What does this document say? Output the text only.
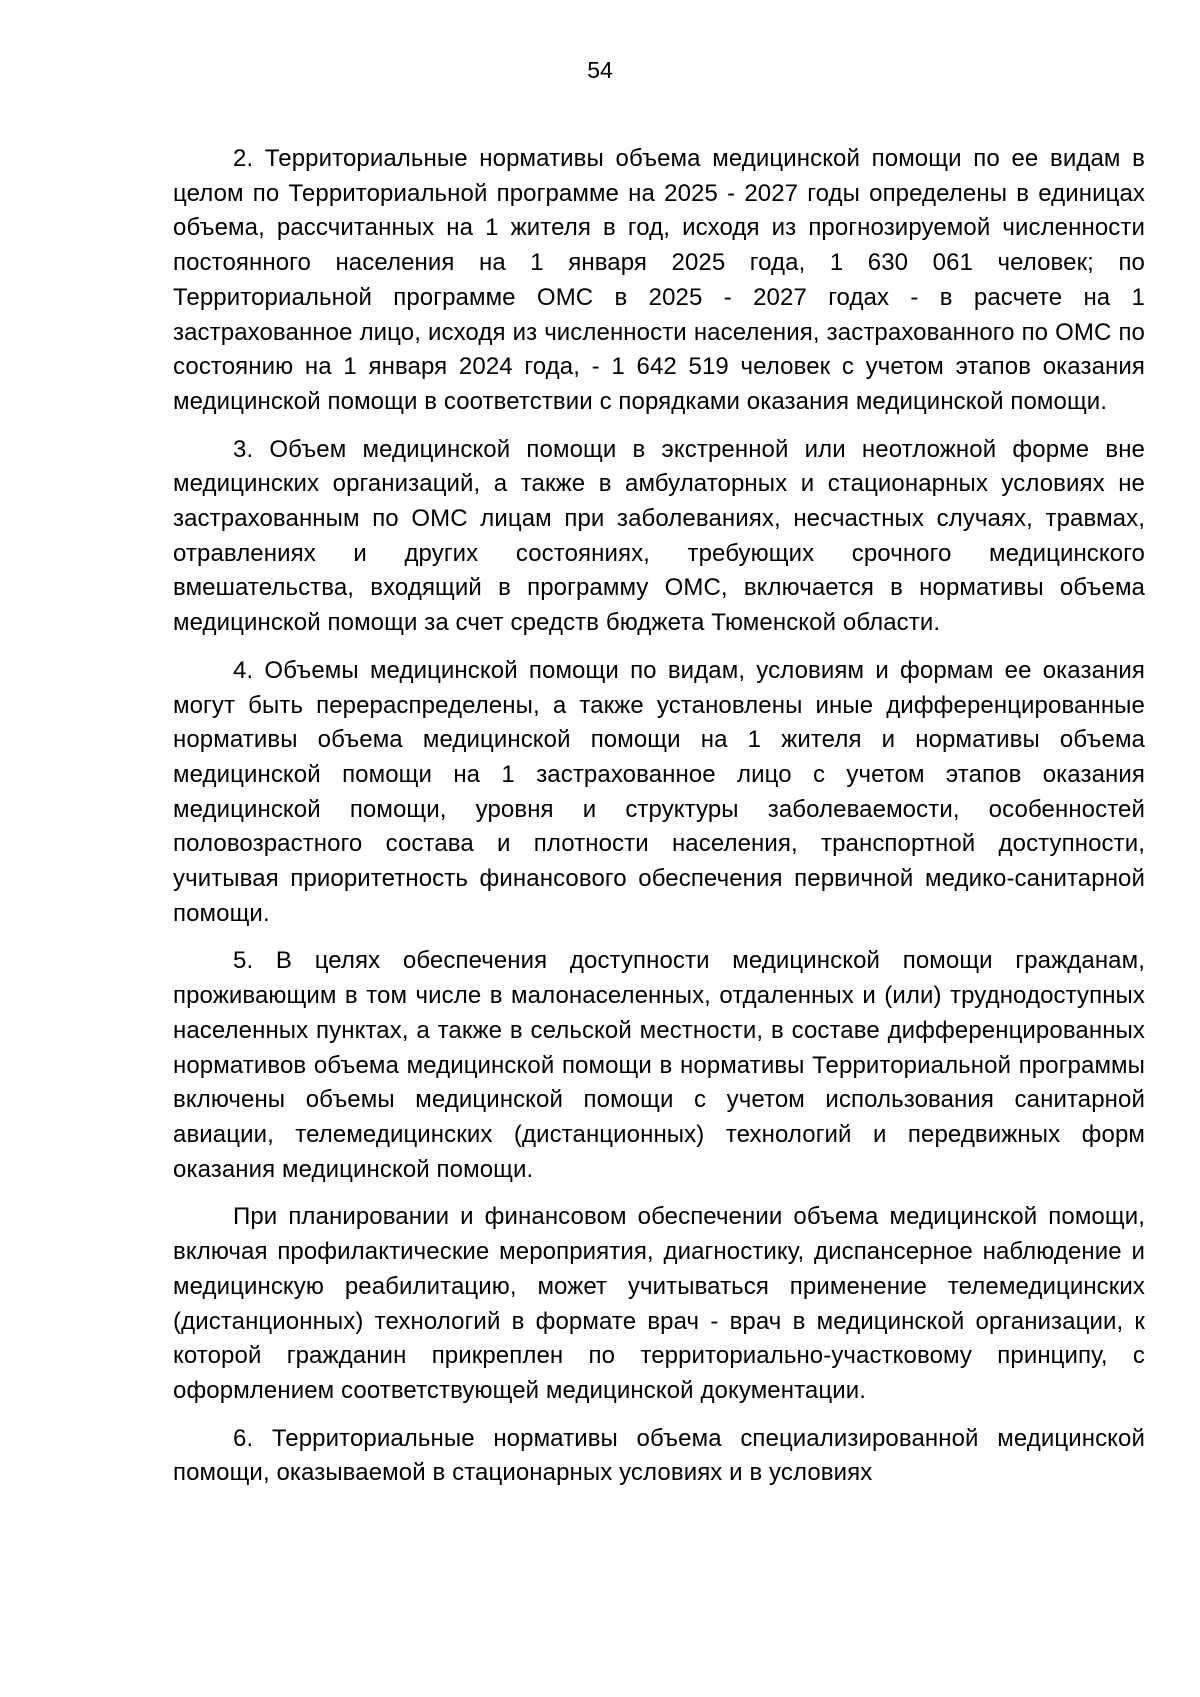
54

2. Территориальные нормативы объема медицинской помощи по ее видам в целом по Территориальной программе на 2025 - 2027 годы определены в единицах объема, рассчитанных на 1 жителя в год, исходя из прогнозируемой численности постоянного населения на 1 января 2025 года, 1 630 061 человек; по Территориальной программе ОМС в 2025 - 2027 годах - в расчете на 1 застрахованное лицо, исходя из численности населения, застрахованного по ОМС по состоянию на 1 января 2024 года, - 1 642 519 человек с учетом этапов оказания медицинской помощи в соответствии с порядками оказания медицинской помощи.

3. Объем медицинской помощи в экстренной или неотложной форме вне медицинских организаций, а также в амбулаторных и стационарных условиях не застрахованным по ОМС лицам при заболеваниях, несчастных случаях, травмах, отравлениях и других состояниях, требующих срочного медицинского вмешательства, входящий в программу ОМС, включается в нормативы объема медицинской помощи за счет средств бюджета Тюменской области.

4. Объемы медицинской помощи по видам, условиям и формам ее оказания могут быть перераспределены, а также установлены иные дифференцированные нормативы объема медицинской помощи на 1 жителя и нормативы объема медицинской помощи на 1 застрахованное лицо с учетом этапов оказания медицинской помощи, уровня и структуры заболеваемости, особенностей половозрастного состава и плотности населения, транспортной доступности, учитывая приоритетность финансового обеспечения первичной медико-санитарной помощи.

5. В целях обеспечения доступности медицинской помощи гражданам, проживающим в том числе в малонаселенных, отдаленных и (или) труднодоступных населенных пунктах, а также в сельской местности, в составе дифференцированных нормативов объема медицинской помощи в нормативы Территориальной программы включены объемы медицинской помощи с учетом использования санитарной авиации, телемедицинских (дистанционных) технологий и передвижных форм оказания медицинской помощи.

При планировании и финансовом обеспечении объема медицинской помощи, включая профилактические мероприятия, диагностику, диспансерное наблюдение и медицинскую реабилитацию, может учитываться применение телемедицинских (дистанционных) технологий в формате врач - врач в медицинской организации, к которой гражданин прикреплен по территориально-участковому принципу, с оформлением соответствующей медицинской документации.

6. Территориальные нормативы объема специализированной медицинской помощи, оказываемой в стационарных условиях и в условиях
